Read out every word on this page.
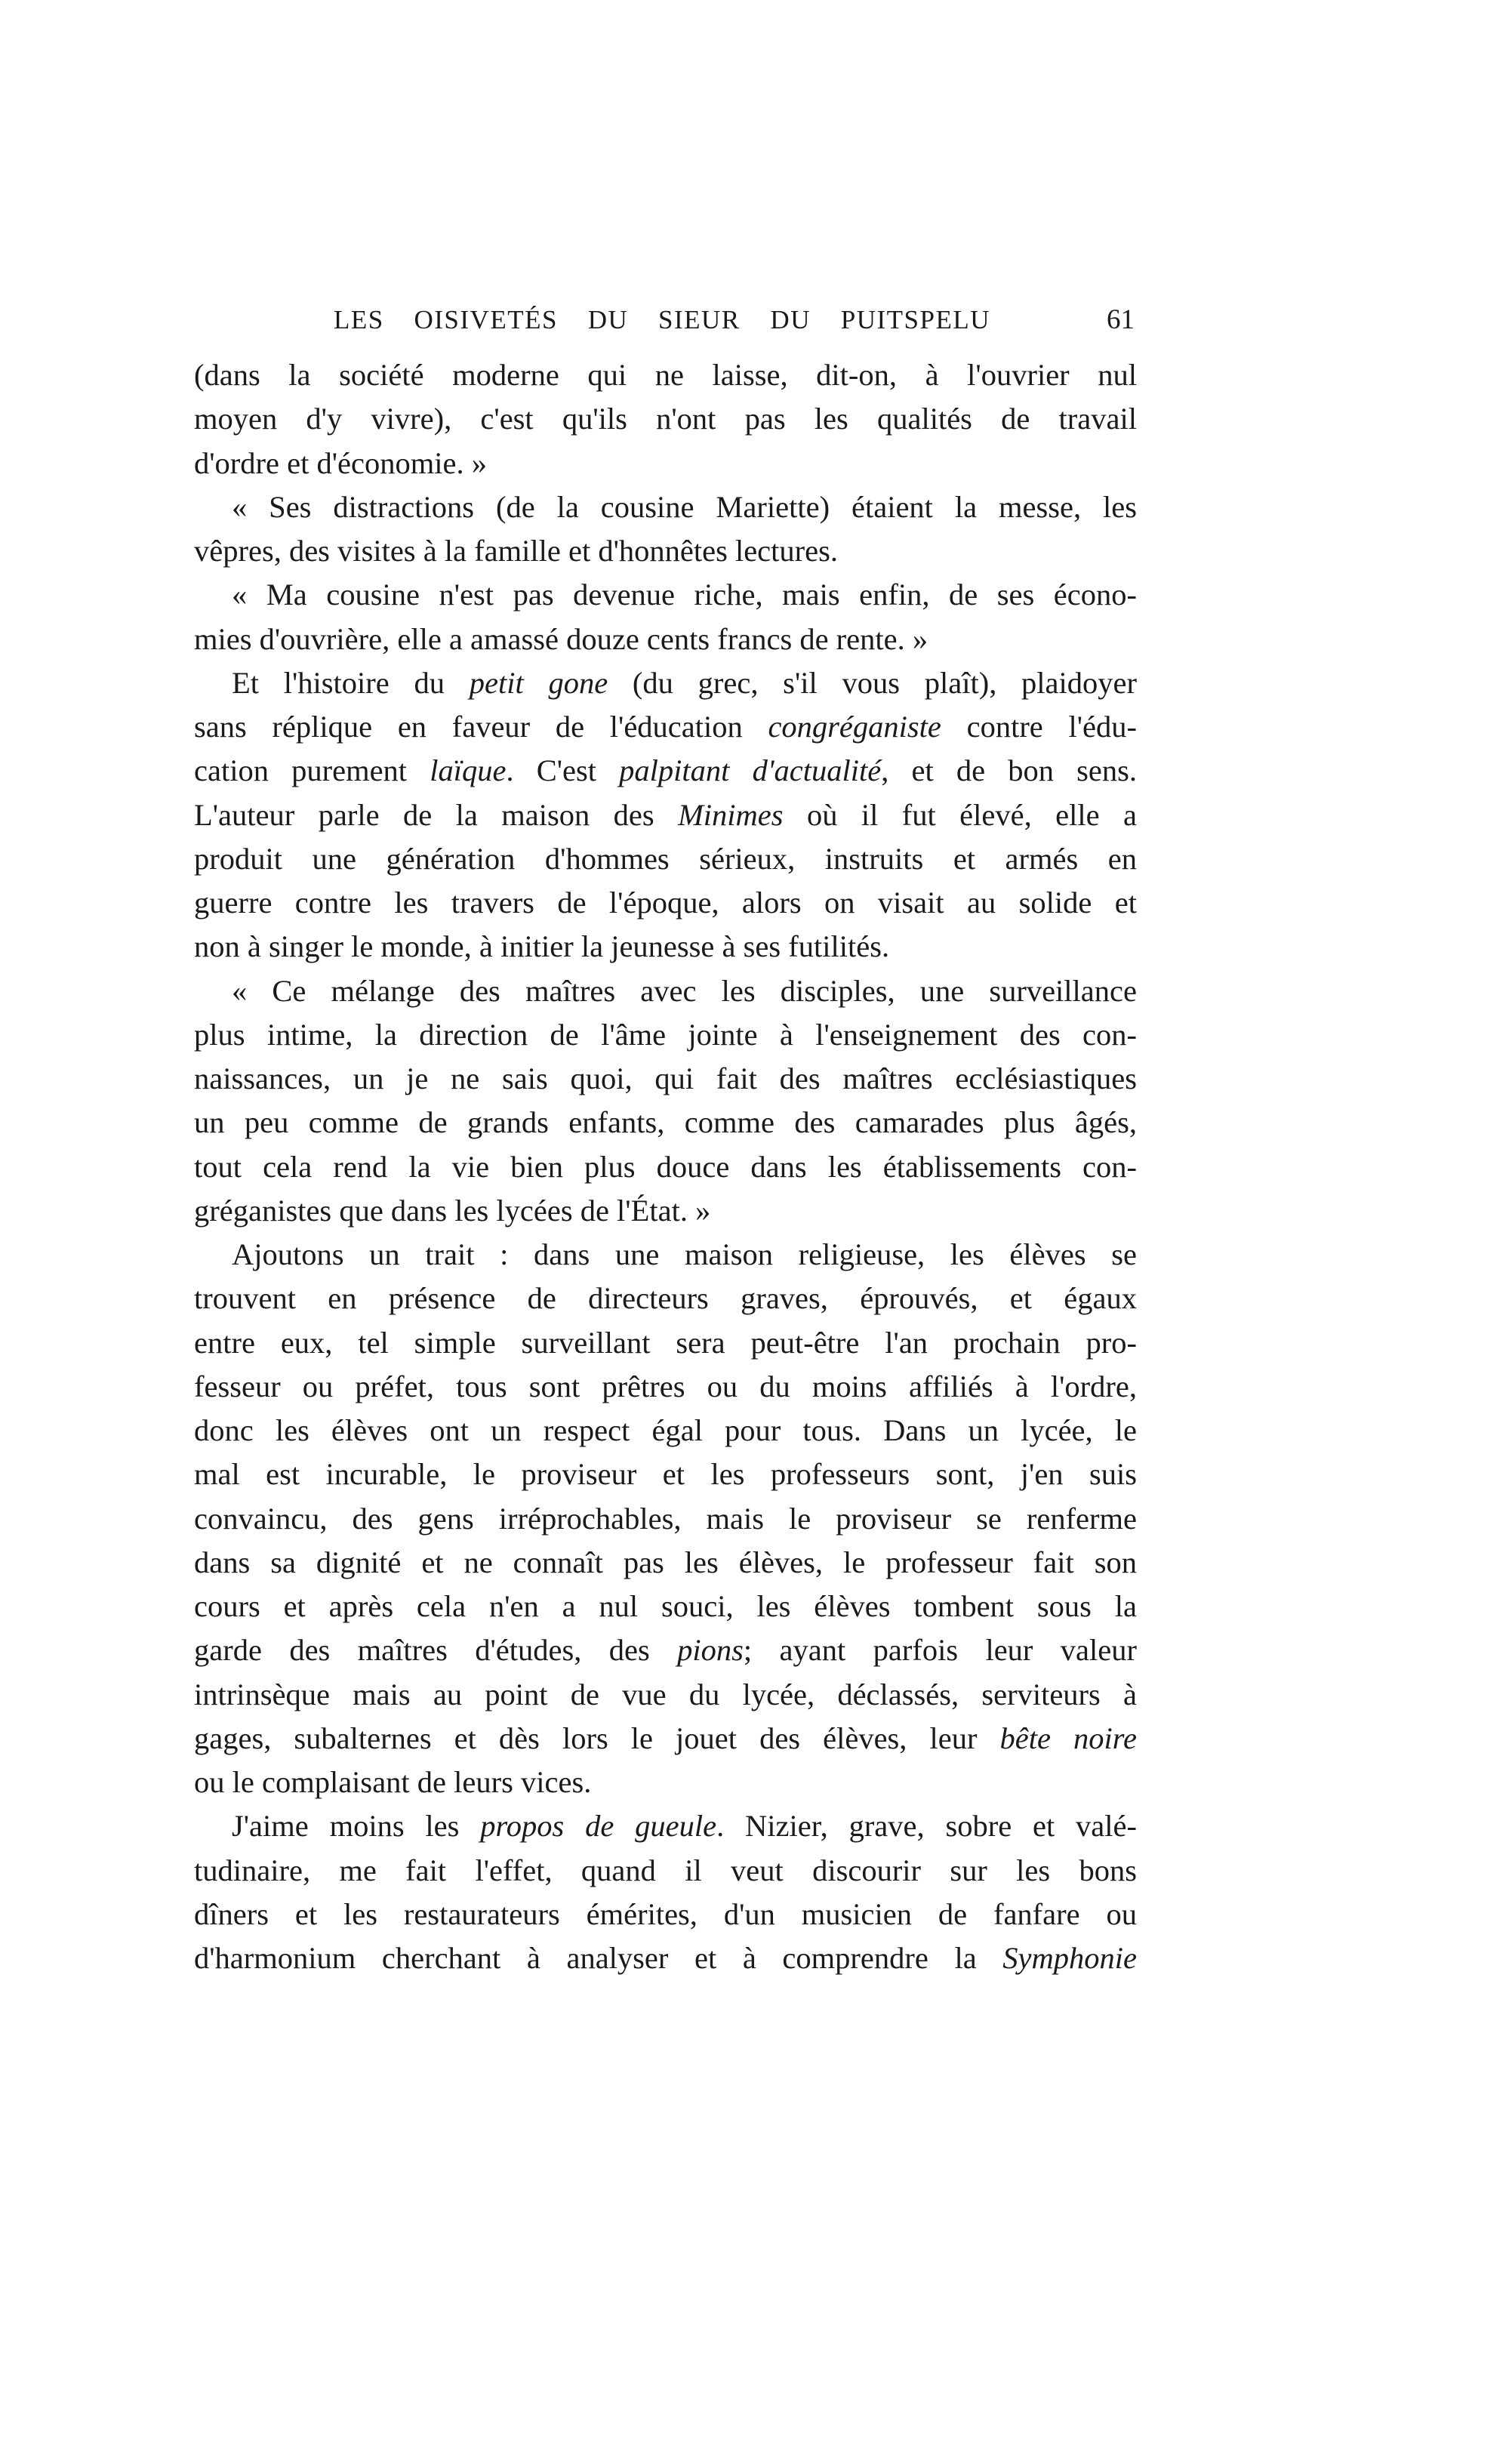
LES OISIVETÉS DU SIEUR DU PUITSPELU	61
(dans la société moderne qui ne laisse, dit-on, à l'ouvrier nul
moyen d'y vivre), c'est qu'ils n'ont pas les qualités de travail
d'ordre et d'économie. »
« Ses distractions (de la cousine Mariette) étaient la messe, les
vêpres, des visites à la famille et d'honnêtes lectures.
« Ma cousine n'est pas devenue riche, mais enfin, de ses écono-
mies d'ouvrière, elle a amassé douze cents francs de rente. »
Et l'histoire du petit gone (du grec, s'il vous plaît), plaidoyer
sans réplique en faveur de l'éducation congréganiste contre l'édu-
cation purement laïque. C'est palpitant d'actualité, et de bon sens.
L'auteur parle de la maison des Minimes où il fut élevé, elle a
produit une génération d'hommes sérieux, instruits et armés en
guerre contre les travers de l'époque, alors on visait au solide et
non à singer le monde, à initier la jeunesse à ses futilités.
« Ce mélange des maîtres avec les disciples, une surveillance
plus intime, la direction de l'âme jointe à l'enseignement des con-
naissances, un je ne sais quoi, qui fait des maîtres ecclésiastiques
un peu comme de grands enfants, comme des camarades plus âgés,
tout cela rend la vie bien plus douce dans les établissements con-
gréganistes que dans les lycées de l'État. »
Ajoutons un trait : dans une maison religieuse, les élèves se
trouvent en présence de directeurs graves, éprouvés, et égaux
entre eux, tel simple surveillant sera peut-être l'an prochain pro-
fesseur ou préfet, tous sont prêtres ou du moins affiliés à l'ordre,
donc les élèves ont un respect égal pour tous. Dans un lycée, le
mal est incurable, le proviseur et les professeurs sont, j'en suis
convaincu, des gens irréprochables, mais le proviseur se renferme
dans sa dignité et ne connaît pas les élèves, le professeur fait son
cours et après cela n'en a nul souci, les élèves tombent sous la
garde des maîtres d'études, des pions; ayant parfois leur valeur
intrinsèque mais au point de vue du lycée, déclassés, serviteurs à
gages, subalternes et dès lors le jouet des élèves, leur bête noire
ou le complaisant de leurs vices.
J'aime moins les propos de gueule. Nizier, grave, sobre et valé-
tudinaire, me fait l'effet, quand il veut discourir sur les bons
dîners et les restaurateurs émérites, d'un musicien de fanfare ou
d'harmonium cherchant à analyser et à comprendre la Symphonie
